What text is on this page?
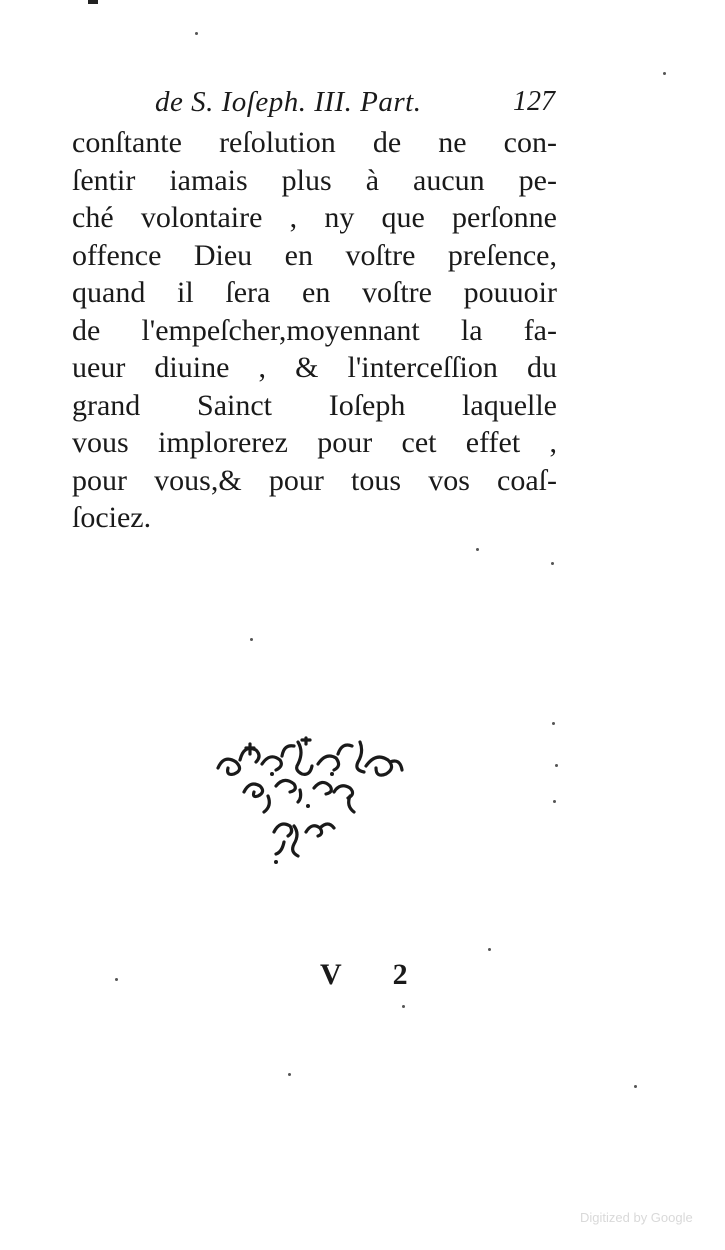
de S. Ioſeph. III. Part.	127
conſtante reſolution de ne con-
ſentir iamais plus à aucun pe-
ché volontaire , ny que perſonne
offence Dieu en voſtre preſence,
quand il ſera en voſtre pouuoir
de l'empeſcher,moyennant la fa-
ueur diuine , & l'interceſſion du
grand Sainct Ioſeph laquelle
vous implorerez pour cet effet ,
pour vous,& pour tous vos coaſ-
ſociez.
V 2
Digitized by Google
